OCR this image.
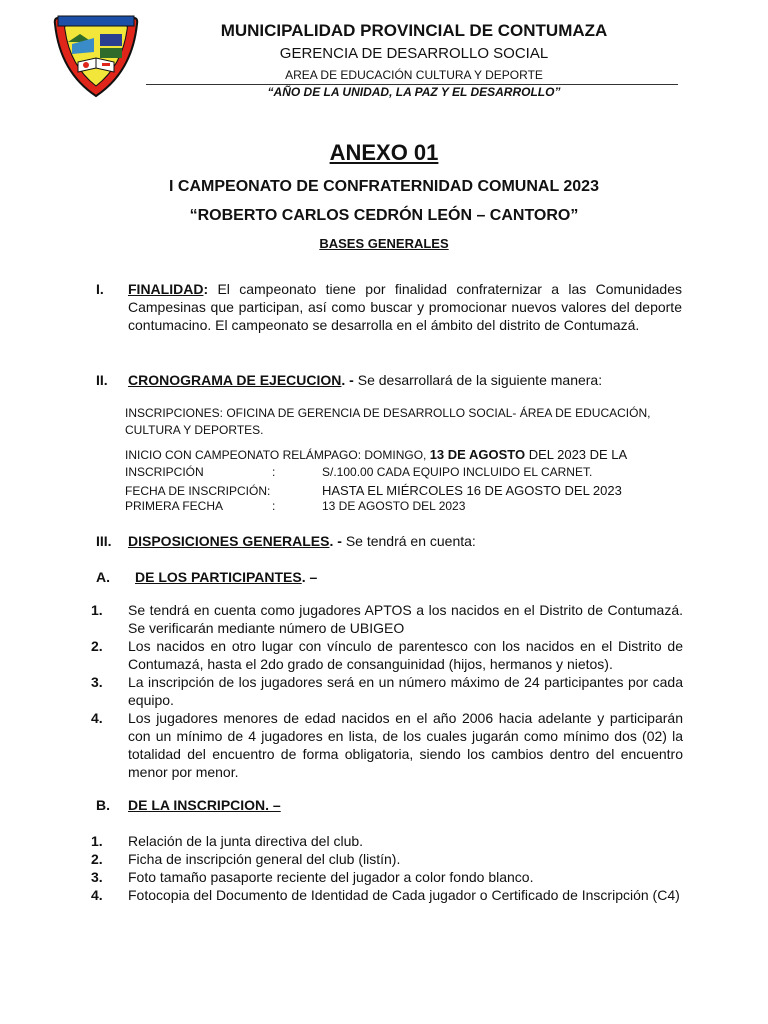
MUNICIPALIDAD PROVINCIAL DE CONTUMAZA
GERENCIA DE DESARROLLO SOCIAL
AREA DE EDUCACIÓN CULTURA Y DEPORTE
“AÑO DE LA UNIDAD, LA PAZ Y EL DESARROLLO”
ANEXO 01
I CAMPEONATO DE CONFRATERNIDAD COMUNAL 2023
“ROBERTO CARLOS CEDRÓN LEÓN – CANTORO”
BASES GENERALES
I. FINALIDAD: El campeonato tiene por finalidad confraternizar a las Comunidades Campesinas que participan, así como buscar y promocionar nuevos valores del deporte contumacino. El campeonato se desarrolla en el ámbito del distrito de Contumazá.
II. CRONOGRAMA DE EJECUCION. - Se desarrollará de la siguiente manera:
INSCRIPCIONES: OFICINA DE GERENCIA DE DESARROLLO SOCIAL- ÁREA DE EDUCACIÓN, CULTURA Y DEPORTES.
INICIO CON CAMPEONATO RELÁMPAGO: DOMINGO, 13 DE AGOSTO DEL 2023 DE LA
INSCRIPCIÓN	:	S/.100.00 CADA EQUIPO INCLUIDO EL CARNET.
FECHA DE INSCRIPCIÓN:	HASTA EL MIÉRCOLES 16 DE AGOSTO DEL 2023
PRIMERA FECHA	:	13 DE AGOSTO DEL 2023
III. DISPOSICIONES GENERALES. - Se tendrá en cuenta:
A. DE LOS PARTICIPANTES. –
1. Se tendrá en cuenta como jugadores APTOS a los nacidos en el Distrito de Contumazá. Se verificarán mediante número de UBIGEO
2. Los nacidos en otro lugar con vínculo de parentesco con los nacidos en el Distrito de Contumazá, hasta el 2do grado de consanguinidad (hijos, hermanos y nietos).
3. La inscripción de los jugadores será en un número máximo de 24 participantes por cada equipo.
4. Los jugadores menores de edad nacidos en el año 2006 hacia adelante y participarán con un mínimo de 4 jugadores en lista, de los cuales jugarán como mínimo dos (02) la totalidad del encuentro de forma obligatoria, siendo los cambios dentro del encuentro menor por menor.
B. DE LA INSCRIPCION. –
1. Relación de la junta directiva del club.
2. Ficha de inscripción general del club (listín).
3. Foto tamaño pasaporte reciente del jugador a color fondo blanco.
4. Fotocopia del Documento de Identidad de Cada jugador o Certificado de Inscripción (C4)
